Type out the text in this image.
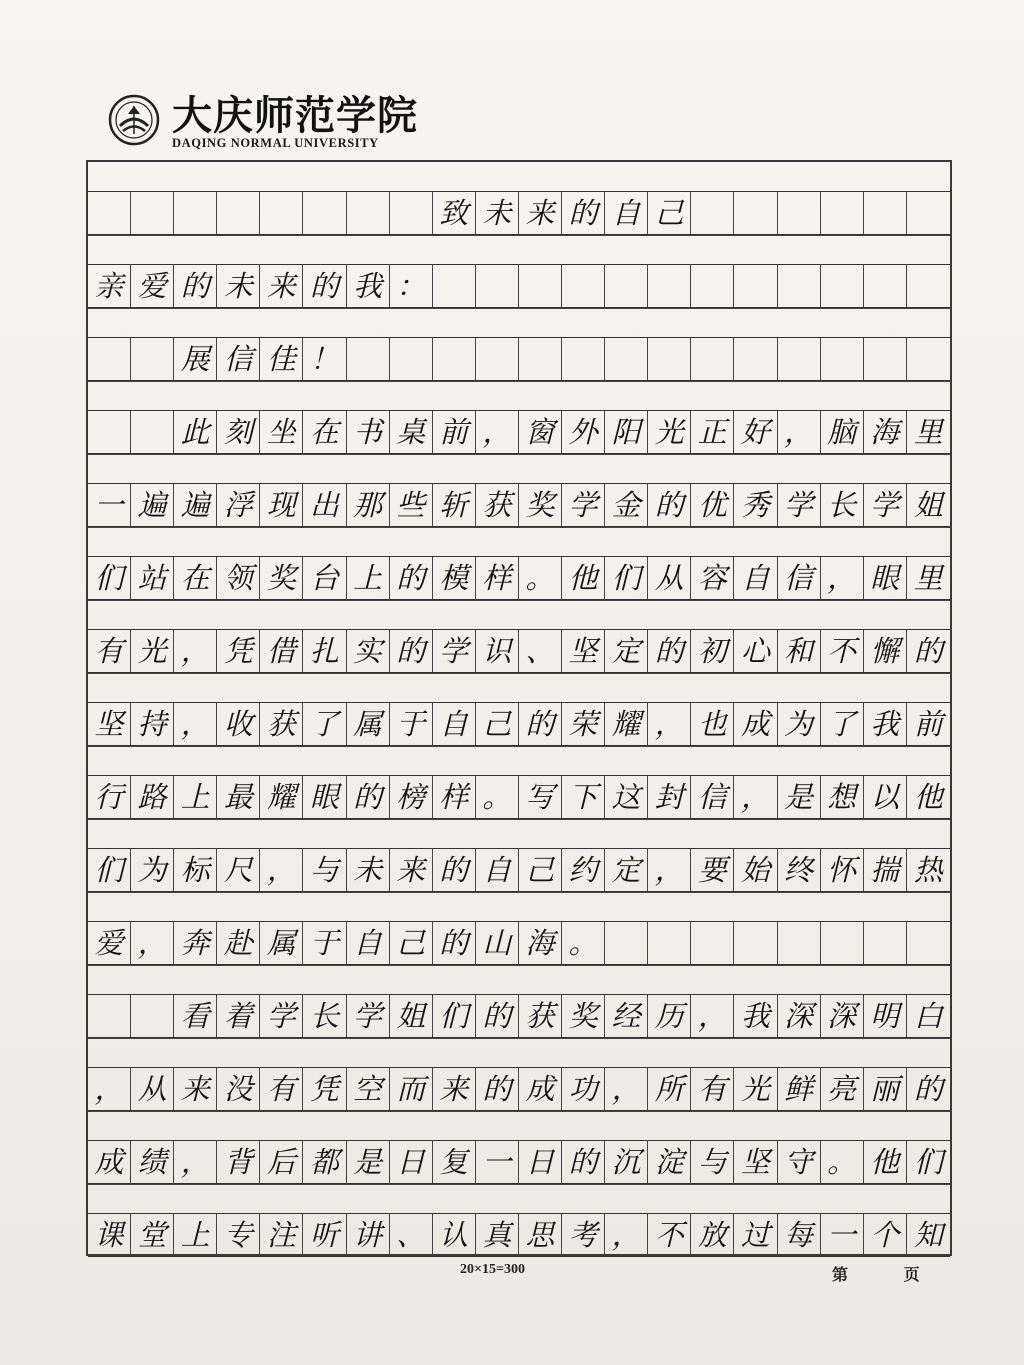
大庆师范学院
DAQING NORMAL UNIVERSITY
致 未 来 的 自 己
亲 爱 的 未 来 的 我 ：
展 信 佳 ！
此 刻 坐 在 书 桌 前 ， 窗 外 阳 光 正 好 ， 脑 海 里
一 遍 遍 浮 现 出 那 些 斩 获 奖 学 金 的 优 秀 学 长 学 姐
们 站 在 领 奖 台 上 的 模 样 。 他 们 从 容 自 信 ， 眼 里
有 光 ， 凭 借 扎 实 的 学 识 、 坚 定 的 初 心 和 不 懈 的
坚 持 ， 收 获 了 属 于 自 己 的 荣 耀 ， 也 成 为 了 我 前
行 路 上 最 耀 眼 的 榜 样 。 写 下 这 封 信 ， 是 想 以 他
们 为 标 尺 ， 与 未 来 的 自 己 约 定 ， 要 始 终 怀 揣 热
爱 ， 奔 赴 属 于 自 己 的 山 海 。
看 着 学 长 学 姐 们 的 获 奖 经 历 ， 我 深 深 明 白
， 从 来 没 有 凭 空 而 来 的 成 功 ， 所 有 光 鲜 亮 丽 的
成 绩 ， 背 后 都 是 日 复 一 日 的 沉 淀 与 坚 守 。 他 们
课 堂 上 专 注 听 讲 、 认 真 思 考 ， 不 放 过 每 一 个 知
20×15=300	第 页
